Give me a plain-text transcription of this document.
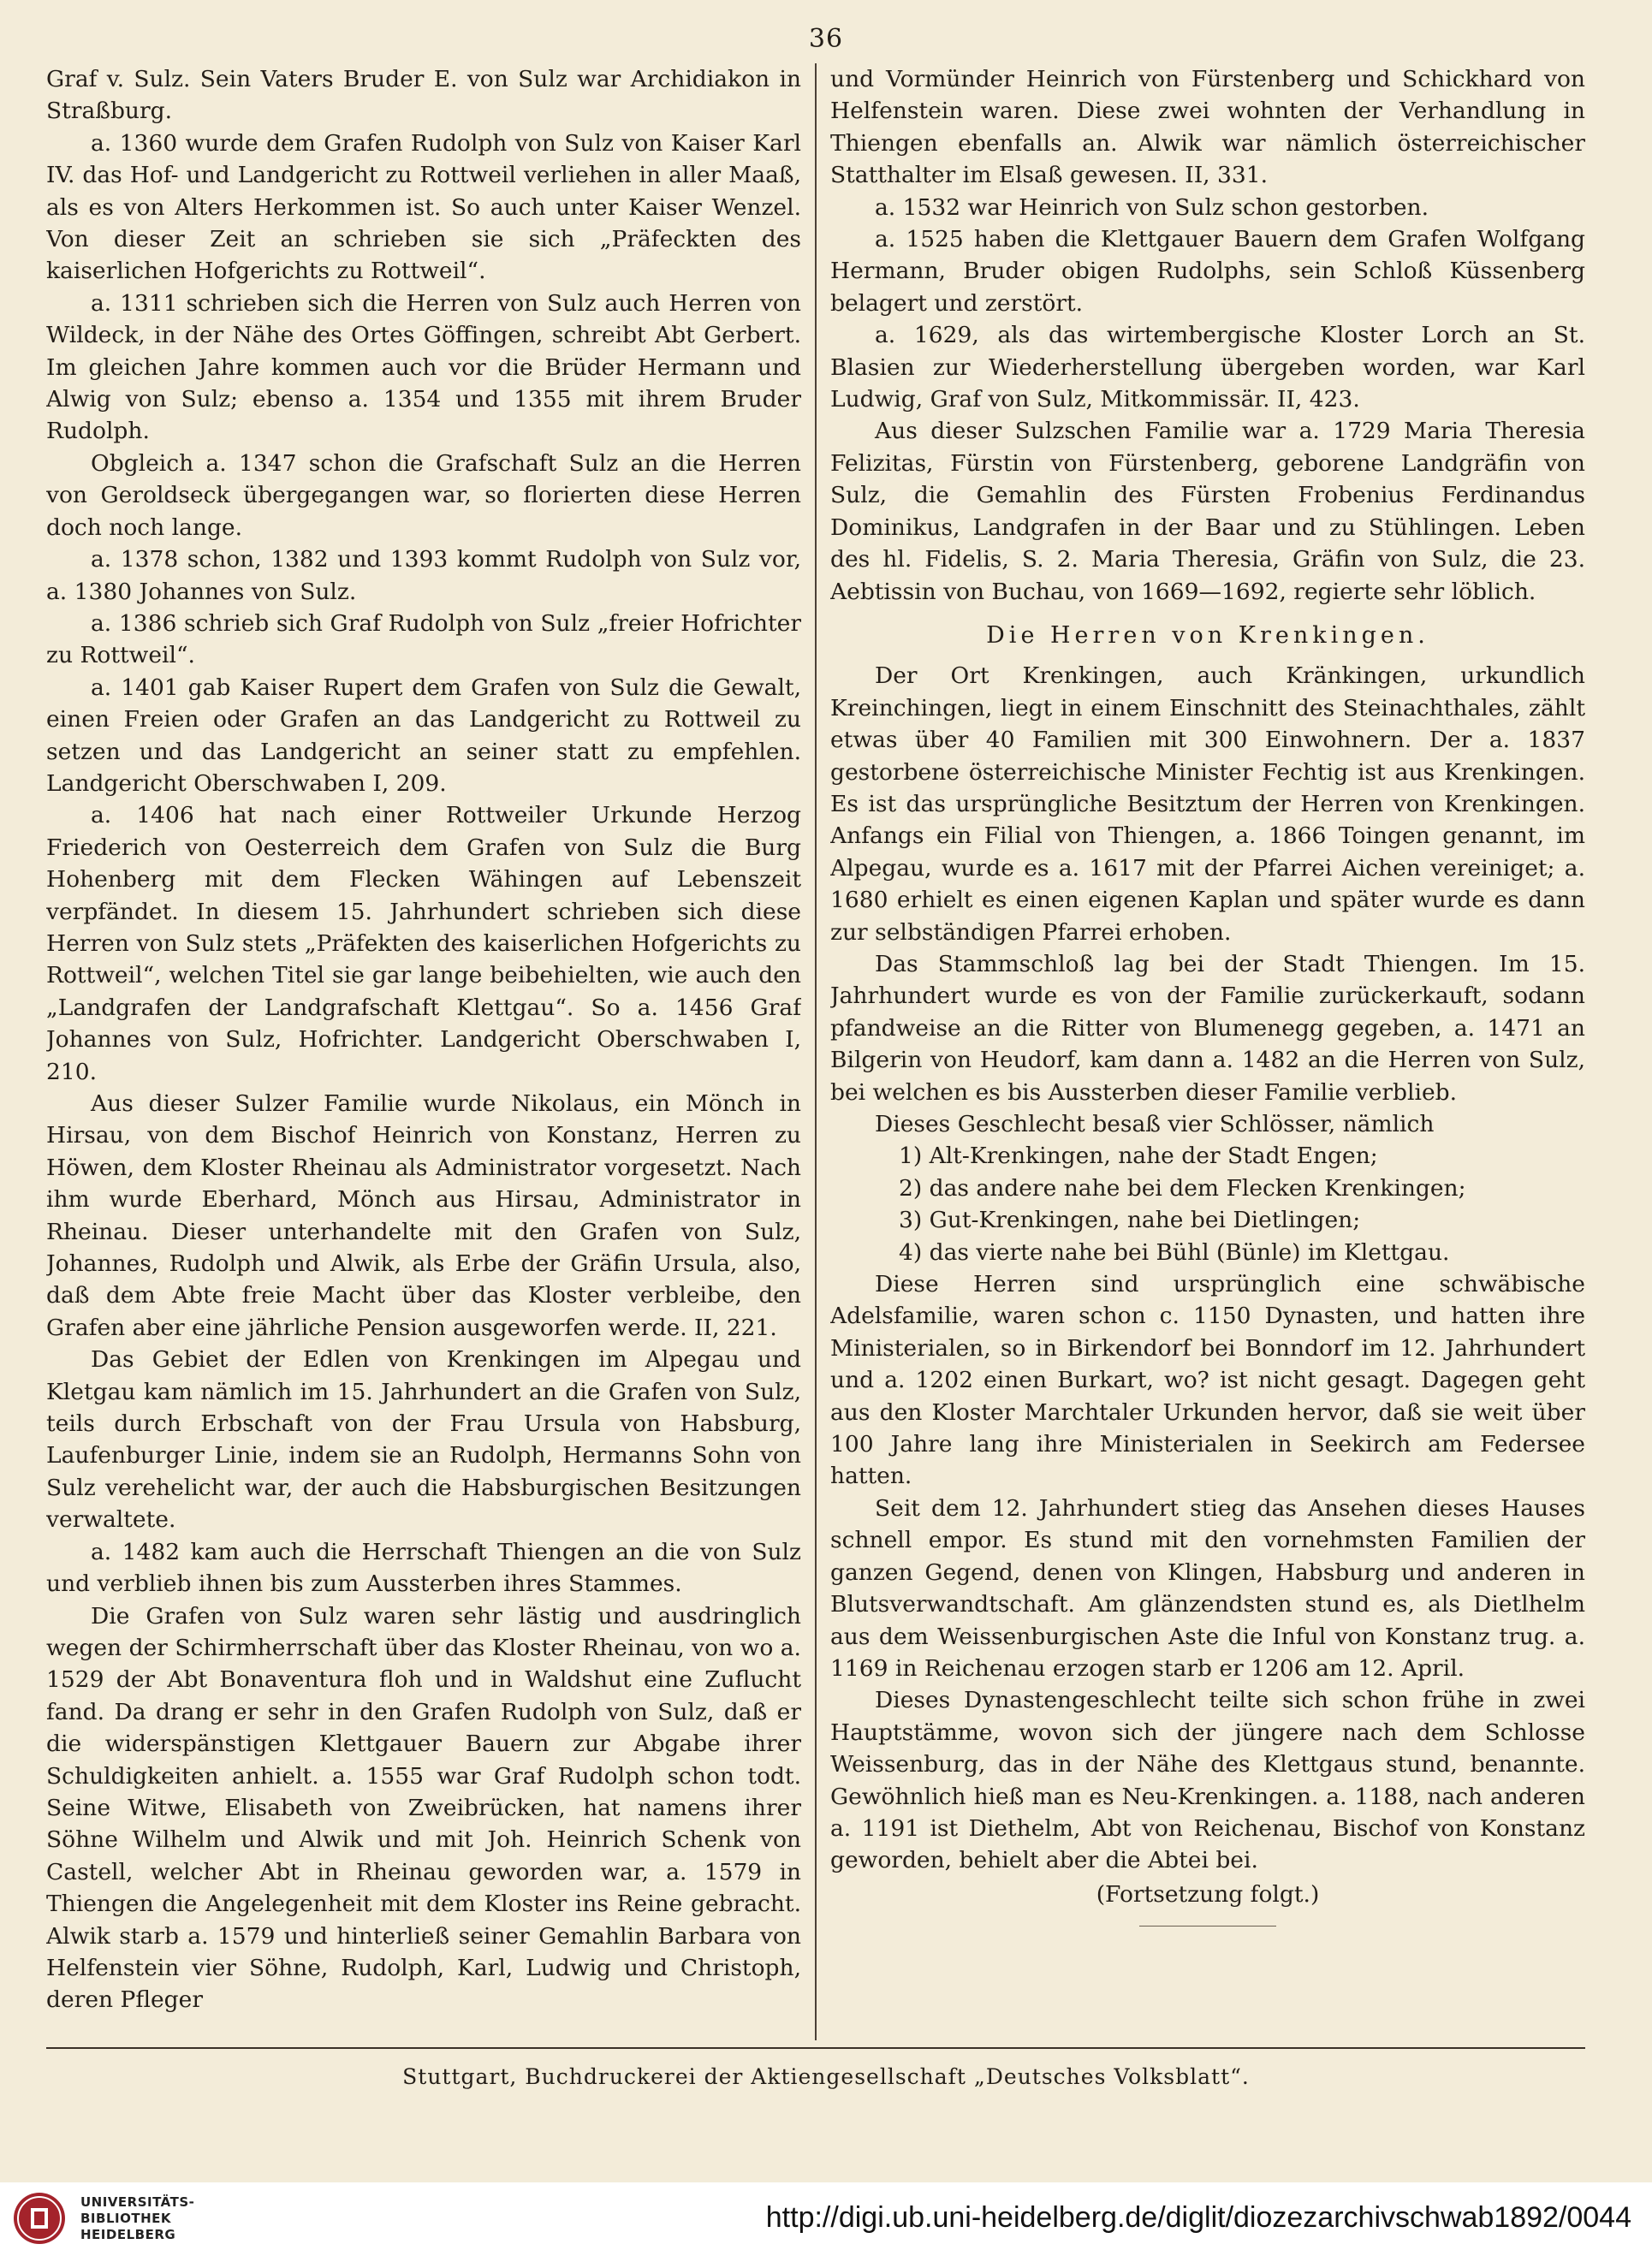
36

Graf v. Sulz. Sein Vaters Bruder E. von Sulz war Archidiakon in Straßburg.

a. 1360 wurde dem Grafen Rudolph von Sulz von Kaiser Karl IV. das Hof- und Landgericht zu Rottweil verliehen in aller Maaß, als es von Alters Herkommen ist. So auch unter Kaiser Wenzel. Von dieser Zeit an schrieben sie sich „Präfeckten des kaiserlichen Hofgerichts zu Rottweil“.

a. 1311 schrieben sich die Herren von Sulz auch Herren von Wildeck, in der Nähe des Ortes Göffingen, schreibt Abt Gerbert. Im gleichen Jahre kommen auch vor die Brüder Hermann und Alwig von Sulz; ebenso a. 1354 und 1355 mit ihrem Bruder Rudolph.

Obgleich a. 1347 schon die Grafschaft Sulz an die Herren von Geroldseck übergegangen war, so florierten diese Herren doch noch lange.

a. 1378 schon, 1382 und 1393 kommt Rudolph von Sulz vor, a. 1380 Johannes von Sulz.

a. 1386 schrieb sich Graf Rudolph von Sulz „freier Hofrichter zu Rottweil“.

a. 1401 gab Kaiser Rupert dem Grafen von Sulz die Gewalt, einen Freien oder Grafen an das Landgericht zu Rottweil zu setzen und das Landgericht an seiner statt zu empfehlen. Landgericht Oberschwaben I, 209.

a. 1406 hat nach einer Rottweiler Urkunde Herzog Friederich von Oesterreich dem Grafen von Sulz die Burg Hohenberg mit dem Flecken Wähingen auf Lebenszeit verpfändet. In diesem 15. Jahrhundert schrieben sich diese Herren von Sulz stets „Präfekten des kaiserlichen Hofgerichts zu Rottweil“, welchen Titel sie gar lange beibehielten, wie auch den „Landgrafen der Landgrafschaft Klettgau“. So a. 1456 Graf Johannes von Sulz, Hofrichter. Landgericht Oberschwaben I, 210.

Aus dieser Sulzer Familie wurde Nikolaus, ein Mönch in Hirsau, von dem Bischof Heinrich von Konstanz, Herren zu Höwen, dem Kloster Rheinau als Administrator vorgesetzt. Nach ihm wurde Eberhard, Mönch aus Hirsau, Administrator in Rheinau. Dieser unterhandelte mit den Grafen von Sulz, Johannes, Rudolph und Alwik, als Erbe der Gräfin Ursula, also, daß dem Abte freie Macht über das Kloster verbleibe, den Grafen aber eine jährliche Pension ausgeworfen werde. II, 221.

Das Gebiet der Edlen von Krenkingen im Alpegau und Kletgau kam nämlich im 15. Jahrhundert an die Grafen von Sulz, teils durch Erbschaft von der Frau Ursula von Habsburg, Laufenburger Linie, indem sie an Rudolph, Hermanns Sohn von Sulz verehelicht war, der auch die Habsburgischen Besitzungen verwaltete.

a. 1482 kam auch die Herrschaft Thiengen an die von Sulz und verblieb ihnen bis zum Aussterben ihres Stammes.

Die Grafen von Sulz waren sehr lästig und ausdringlich wegen der Schirmherrschaft über das Kloster Rheinau, von wo a. 1529 der Abt Bonaventura floh und in Waldshut eine Zuflucht fand. Da drang er sehr in den Grafen Rudolph von Sulz, daß er die widerspänstigen Klettgauer Bauern zur Abgabe ihrer Schuldigkeiten anhielt. a. 1555 war Graf Rudolph schon todt. Seine Witwe, Elisabeth von Zweibrücken, hat namens ihrer Söhne Wilhelm und Alwik und mit Joh. Heinrich Schenk von Castell, welcher Abt in Rheinau geworden war, a. 1579 in Thiengen die Angelegenheit mit dem Kloster ins Reine gebracht. Alwik starb a. 1579 und hinterließ seiner Gemahlin Barbara von Helfenstein vier Söhne, Rudolph, Karl, Ludwig und Christoph, deren Pfleger

und Vormünder Heinrich von Fürstenberg und Schickhard von Helfenstein waren. Diese zwei wohnten der Verhandlung in Thiengen ebenfalls an. Alwik war nämlich österreichischer Statthalter im Elsaß gewesen. II, 331.

a. 1532 war Heinrich von Sulz schon gestorben.

a. 1525 haben die Klettgauer Bauern dem Grafen Wolfgang Hermann, Bruder obigen Rudolphs, sein Schloß Küssenberg belagert und zerstört.

a. 1629, als das wirtembergische Kloster Lorch an St. Blasien zur Wiederherstellung übergeben worden, war Karl Ludwig, Graf von Sulz, Mitkommissär. II, 423.

Aus dieser Sulzschen Familie war a. 1729 Maria Theresia Felizitas, Fürstin von Fürstenberg, geborene Landgräfin von Sulz, die Gemahlin des Fürsten Frobenius Ferdinandus Dominikus, Landgrafen in der Baar und zu Stühlingen. Leben des hl. Fidelis, S. 2. Maria Theresia, Gräfin von Sulz, die 23. Aebtissin von Buchau, von 1669—1692, regierte sehr löblich.

Die Herren von Krenkingen.

Der Ort Krenkingen, auch Kränkingen, urkundlich Kreinchingen, liegt in einem Einschnitt des Steinachthales, zählt etwas über 40 Familien mit 300 Einwohnern. Der a. 1837 gestorbene österreichische Minister Fechtig ist aus Krenkingen. Es ist das ursprüngliche Besitztum der Herren von Krenkingen. Anfangs ein Filial von Thiengen, a. 1866 Toingen genannt, im Alpegau, wurde es a. 1617 mit der Pfarrei Aichen vereiniget; a. 1680 erhielt es einen eigenen Kaplan und später wurde es dann zur selbständigen Pfarrei erhoben.

Das Stammschloß lag bei der Stadt Thiengen. Im 15. Jahrhundert wurde es von der Familie zurückerkauft, sodann pfandweise an die Ritter von Blumenegg gegeben, a. 1471 an Bilgerin von Heudorf, kam dann a. 1482 an die Herren von Sulz, bei welchen es bis Aussterben dieser Familie verblieb.

Dieses Geschlecht besaß vier Schlösser, nämlich

1) Alt-Krenkingen, nahe der Stadt Engen;
2) das andere nahe bei dem Flecken Krenkingen;
3) Gut-Krenkingen, nahe bei Dietlingen;
4) das vierte nahe bei Bühl (Bünle) im Klettgau.

Diese Herren sind ursprünglich eine schwäbische Adelsfamilie, waren schon c. 1150 Dynasten, und hatten ihre Ministerialen, so in Birkendorf bei Bonndorf im 12. Jahrhundert und a. 1202 einen Burkart, wo? ist nicht gesagt. Dagegen geht aus den Kloster Marchtaler Urkunden hervor, daß sie weit über 100 Jahre lang ihre Ministerialen in Seekirch am Federsee hatten.

Seit dem 12. Jahrhundert stieg das Ansehen dieses Hauses schnell empor. Es stund mit den vornehmsten Familien der ganzen Gegend, denen von Klingen, Habsburg und anderen in Blutsverwandtschaft. Am glänzendsten stund es, als Dietlhelm aus dem Weissenburgischen Aste die Inful von Konstanz trug. a. 1169 in Reichenau erzogen starb er 1206 am 12. April.

Dieses Dynastengeschlecht teilte sich schon frühe in zwei Hauptstämme, wovon sich der jüngere nach dem Schlosse Weissenburg, das in der Nähe des Klettgaus stund, benannte. Gewöhnlich hieß man es Neu-Krenkingen. a. 1188, nach anderen a. 1191 ist Diethelm, Abt von Reichenau, Bischof von Konstanz geworden, behielt aber die Abtei bei.

(Fortsetzung folgt.)
Stuttgart, Buchdruckerei der Aktiengesellschaft „Deutsches Volksblatt“.
UNIVERSITÄTS-
BIBLIOTHEK
HEIDELBERG
http://digi.ub.uni-heidelberg.de/diglit/diozezarchivschwab1892/0044
